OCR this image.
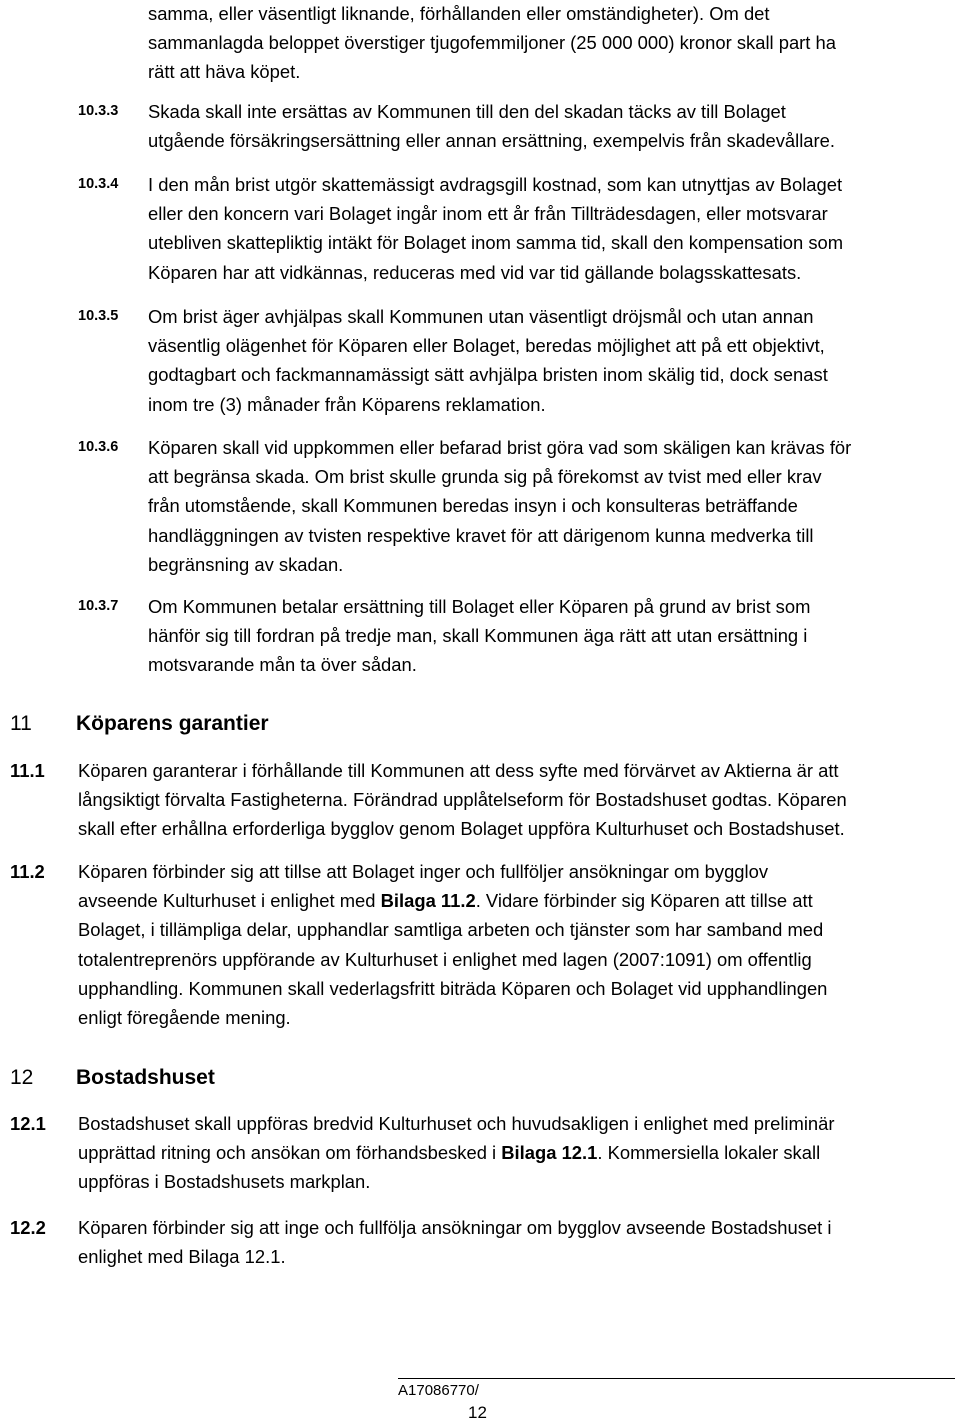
samma, eller väsentligt liknande, förhållanden eller omständigheter). Om det
sammanlagda beloppet överstiger tjugofemmiljoner (25 000 000) kronor skall part ha
rätt att häva köpet.
10.3.3 Skada skall inte ersättas av Kommunen till den del skadan täcks av till Bolaget
utgående försäkringsersättning eller annan ersättning, exempelvis från skadevållare.
10.3.4 I den mån brist utgör skattemässigt avdragsgill kostnad, som kan utnyttjas av Bolaget
eller den koncern vari Bolaget ingår inom ett år från Tillträdesdagen, eller motsvarar
utebliven skattepliktig intäkt för Bolaget inom samma tid, skall den kompensation som
Köparen har att vidkännas, reduceras med vid var tid gällande bolagsskattesats.
10.3.5 Om brist äger avhjälpas skall Kommunen utan väsentligt dröjsmål och utan annan
väsentlig olägenhet för Köparen eller Bolaget, beredas möjlighet att på ett objektivt,
godtagbart och fackmannamässigt sätt avhjälpa bristen inom skälig tid, dock senast
inom tre (3) månader från Köparens reklamation.
10.3.6 Köparen skall vid uppkommen eller befarad brist göra vad som skäligen kan krävas för
att begränsa skada. Om brist skulle grunda sig på förekomst av tvist med eller krav
från utomstående, skall Kommunen beredas insyn i och konsulteras beträffande
handläggningen av tvisten respektive kravet för att därigenom kunna medverka till
begränsning av skadan.
10.3.7 Om Kommunen betalar ersättning till Bolaget eller Köparen på grund av brist som
hänför sig till fordran på tredje man, skall Kommunen äga rätt att utan ersättning i
motsvarande mån ta över sådan.
11 Köparens garantier
11.1 Köparen garanterar i förhållande till Kommunen att dess syfte med förvärvet av Aktierna är att
långsiktigt förvalta Fastigheterna. Förändrad upplåtelseform för Bostadshuset godtas. Köparen
skall efter erhållna erforderliga bygglov genom Bolaget uppföra Kulturhuset och Bostadshuset.
11.2 Köparen förbinder sig att tillse att Bolaget inger och fullföljer ansökningar om bygglov
avseende Kulturhuset i enlighet med Bilaga 11.2. Vidare förbinder sig Köparen att tillse att
Bolaget, i tillämpliga delar, upphandlar samtliga arbeten och tjänster som har samband med
totalentreprenörs uppförande av Kulturhuset i enlighet med lagen (2007:1091) om offentlig
upphandling. Kommunen skall vederlagsfritt biträda Köparen och Bolaget vid upphandlingen
enligt föregående mening.
12 Bostadshuset
12.1 Bostadshuset skall uppföras bredvid Kulturhuset och huvudsakligen i enlighet med preliminär
upprättad ritning och ansökan om förhandsbesked i Bilaga 12.1. Kommersiella lokaler skall
uppföras i Bostadshusets markplan.
12.2 Köparen förbinder sig att inge och fullfölja ansökningar om bygglov avseende Bostadshuset i
enlighet med Bilaga 12.1.
A17086770/
12
